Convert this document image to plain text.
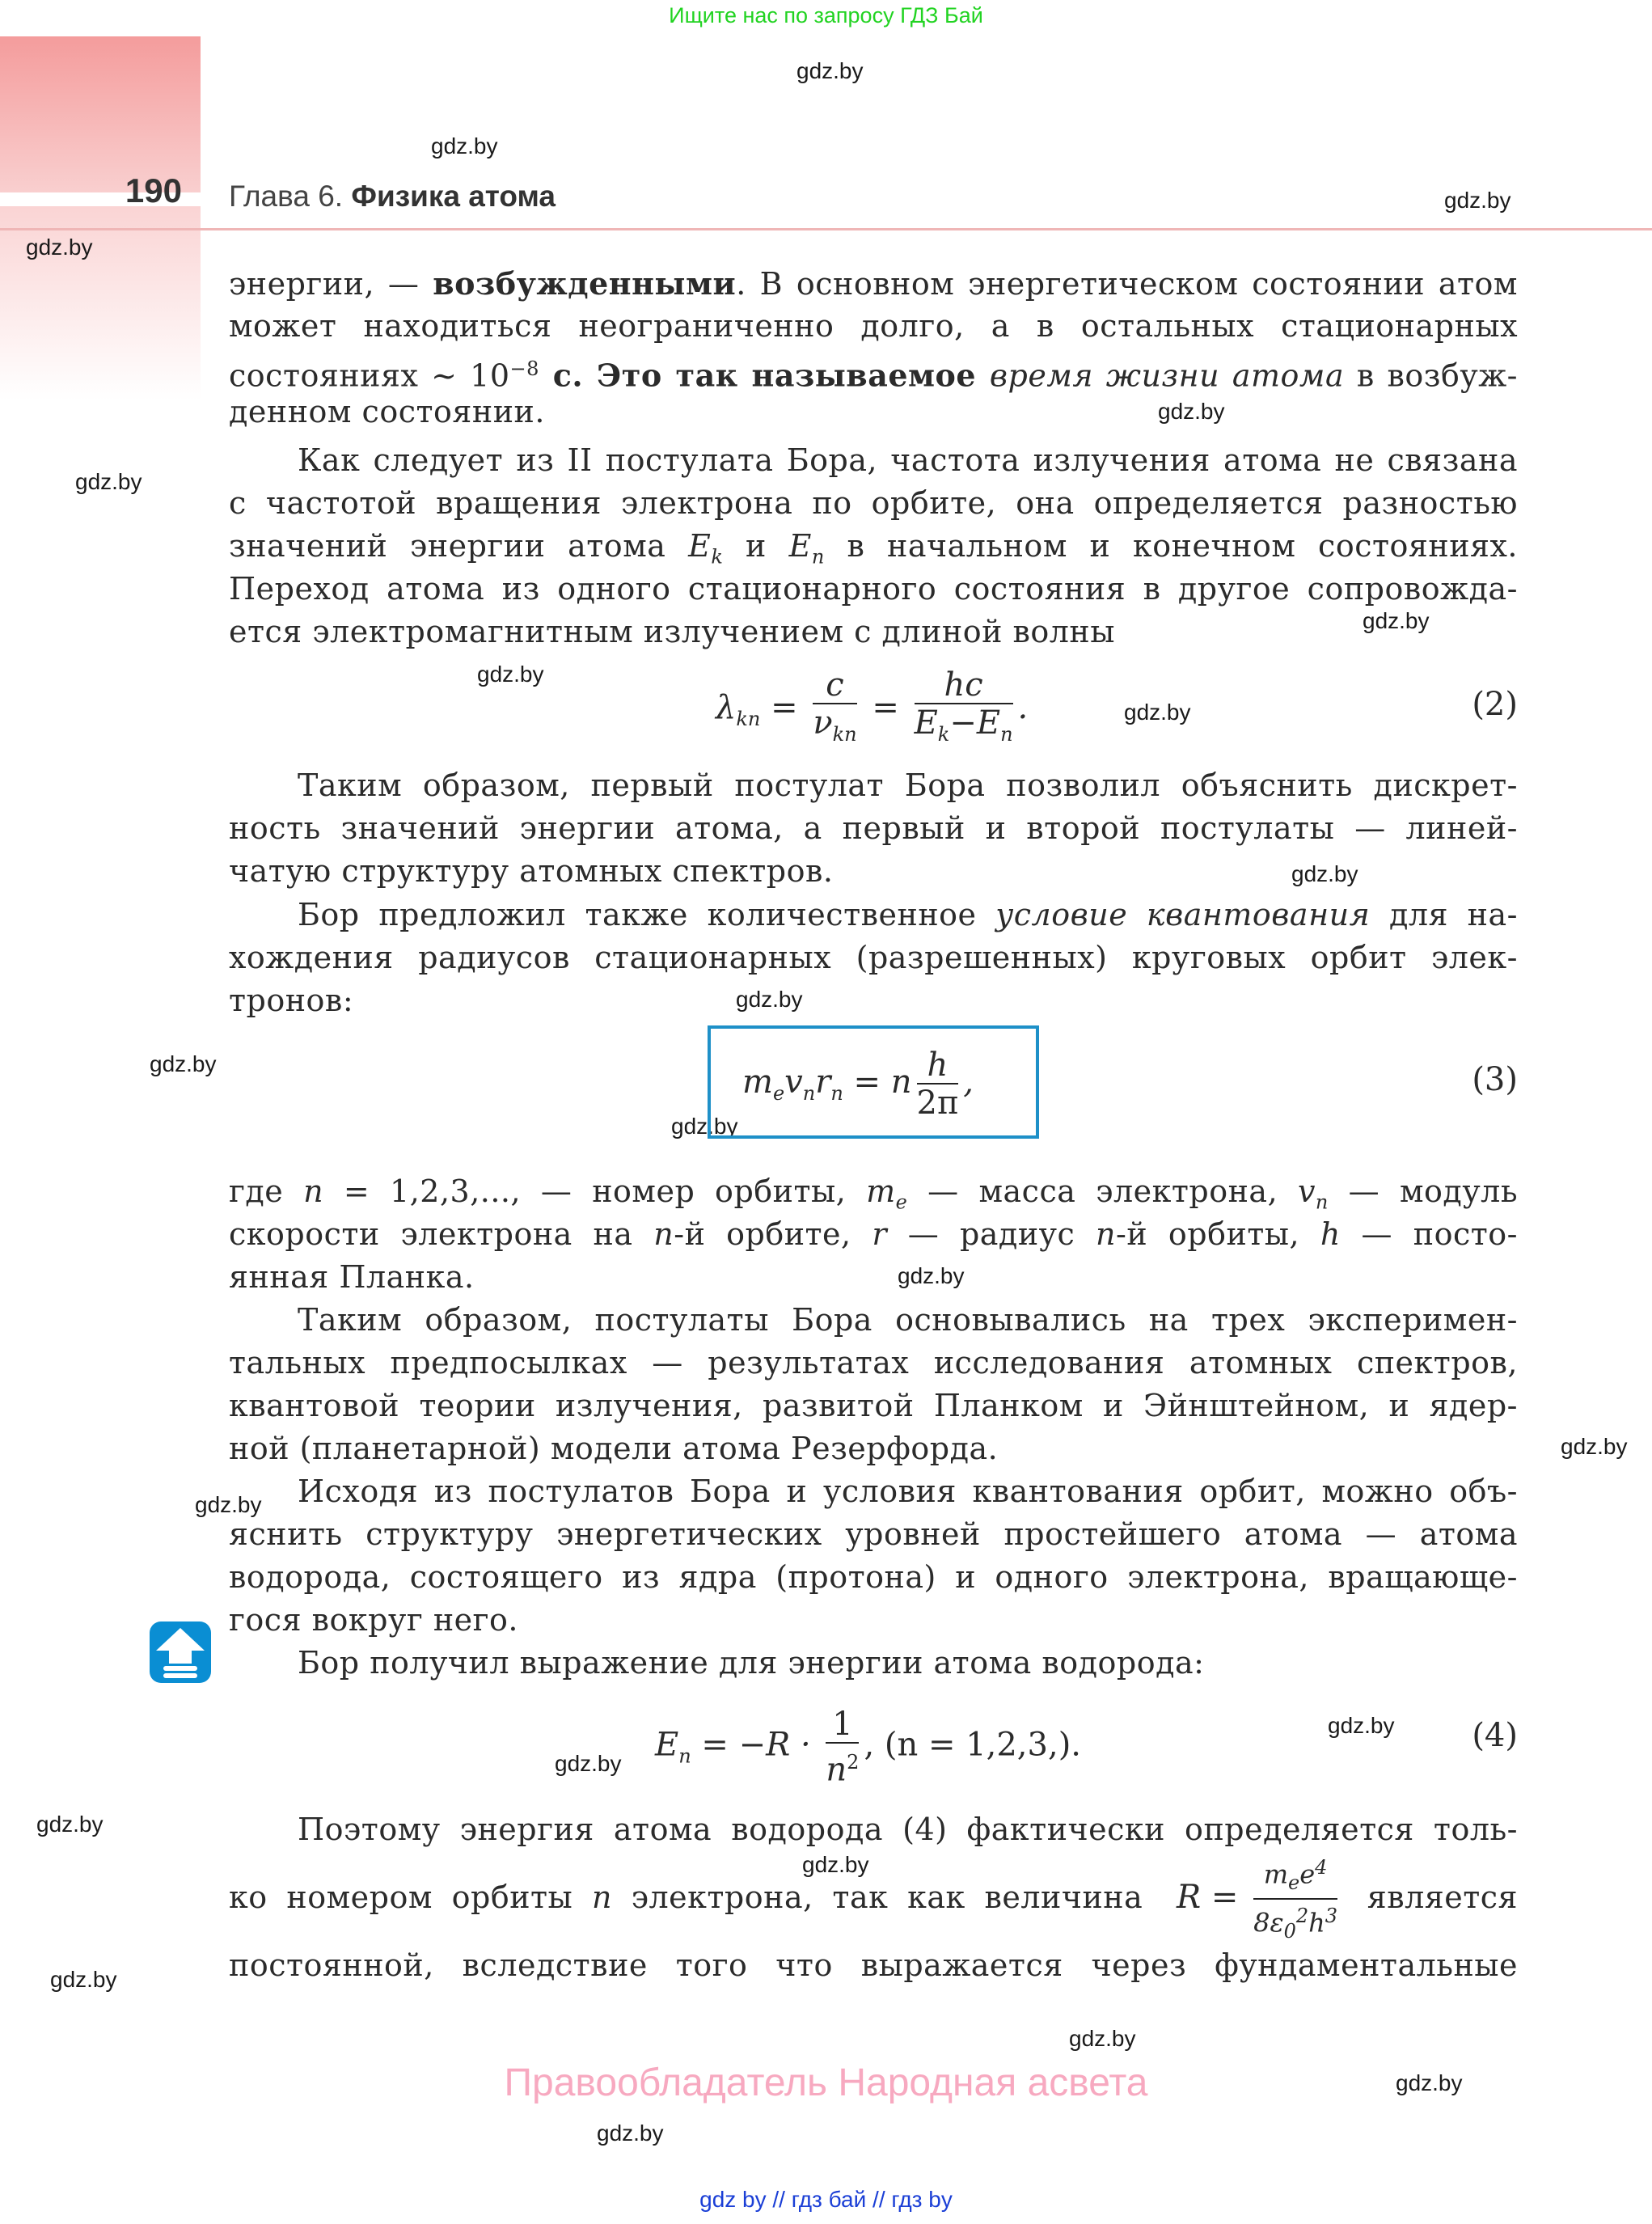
Ищите нас по запросу ГДЗ Бай
190 Глава 6. Физика атома
gdz.by
gdz.by
gdz.by
gdz.by
gdz.by
gdz.by
gdz.by
gdz.by
gdz.by
gdz.by
gdz.by
gdz.by
gdz.by
gdz.by
gdz.by
gdz.by
gdz.by
gdz.by
gdz.by
gdz.by
gdz.by
gdz.by
gdz.by
gdz.by
энергии, — возбужденными. В основном энергетическом состоянии атом
может находиться неограниченно долго, а в остальных стационарных
состояниях ~ $10^{-8}$ с. Это так называемое время жизни атома в возбуж-
денном состоянии.
Как следует из II постулата Бора, частота излучения атома не связана
с частотой вращения электрона по орбите, она определяется разностью
значений энергии атома $E_k$ и $E_n$ в начальном и конечном состояниях.
Переход атома из одного стационарного состояния в другое сопровожда-
ется электромагнитным излучением с длиной волны
$\lambda_{kn} = \frac{c}{\nu_{kn}} = \frac{hc}{E_k-E_n}$ .	(2)
Таким образом, первый постулат Бора позволил объяснить дискрет-
ность значений энергии атома, а первый и второй постулаты — линей-
чатую структуру атомных спектров.
Бор предложил также количественное условие квантования для на-
хождения радиусов стационарных (разрешенных) круговых орбит элек-
тронов:
$m_ev_nr_n = n \frac{h}{2\pi}$ ,	(3)
где n = 1,2,3,..., — номер орбиты, $m_e$ — масса электрона, $v_n$ — модуль
скорости электрона на n-й орбите, r — радиус n-й орбиты, h — посто-
янная Планка.
Таким образом, постулаты Бора основывались на трех эксперимен-
тальных предпосылках — результатах исследования атомных спектров,
квантовой теории излучения, развитой Планком и Эйнштейном, и ядер-
ной (планетарной) модели атома Резерфорда.
Исходя из постулатов Бора и условия квантования орбит, можно объ-
яснить структуру энергетических уровней простейшего атома — атома
водорода, состоящего из ядра (протона) и одного электрона, вращающе-
гося вокруг него.
Бор получил выражение для энергии атома водорода:
$E_n = -R \cdot \frac{1}{n^2}$ , (n = 1,2,3,).	(4)
Поэтому энергия атома водорода (4) фактически определяется толь-
ко номером орбиты n электрона, так как величина	является
$R = \frac{m_ee^4}{8\varepsilon_0^2h^3}$
постоянной, вследствие того что выражается через фундаментальные
Правообладатель Народная асвета
gdz by // гдз бай // гдз by
